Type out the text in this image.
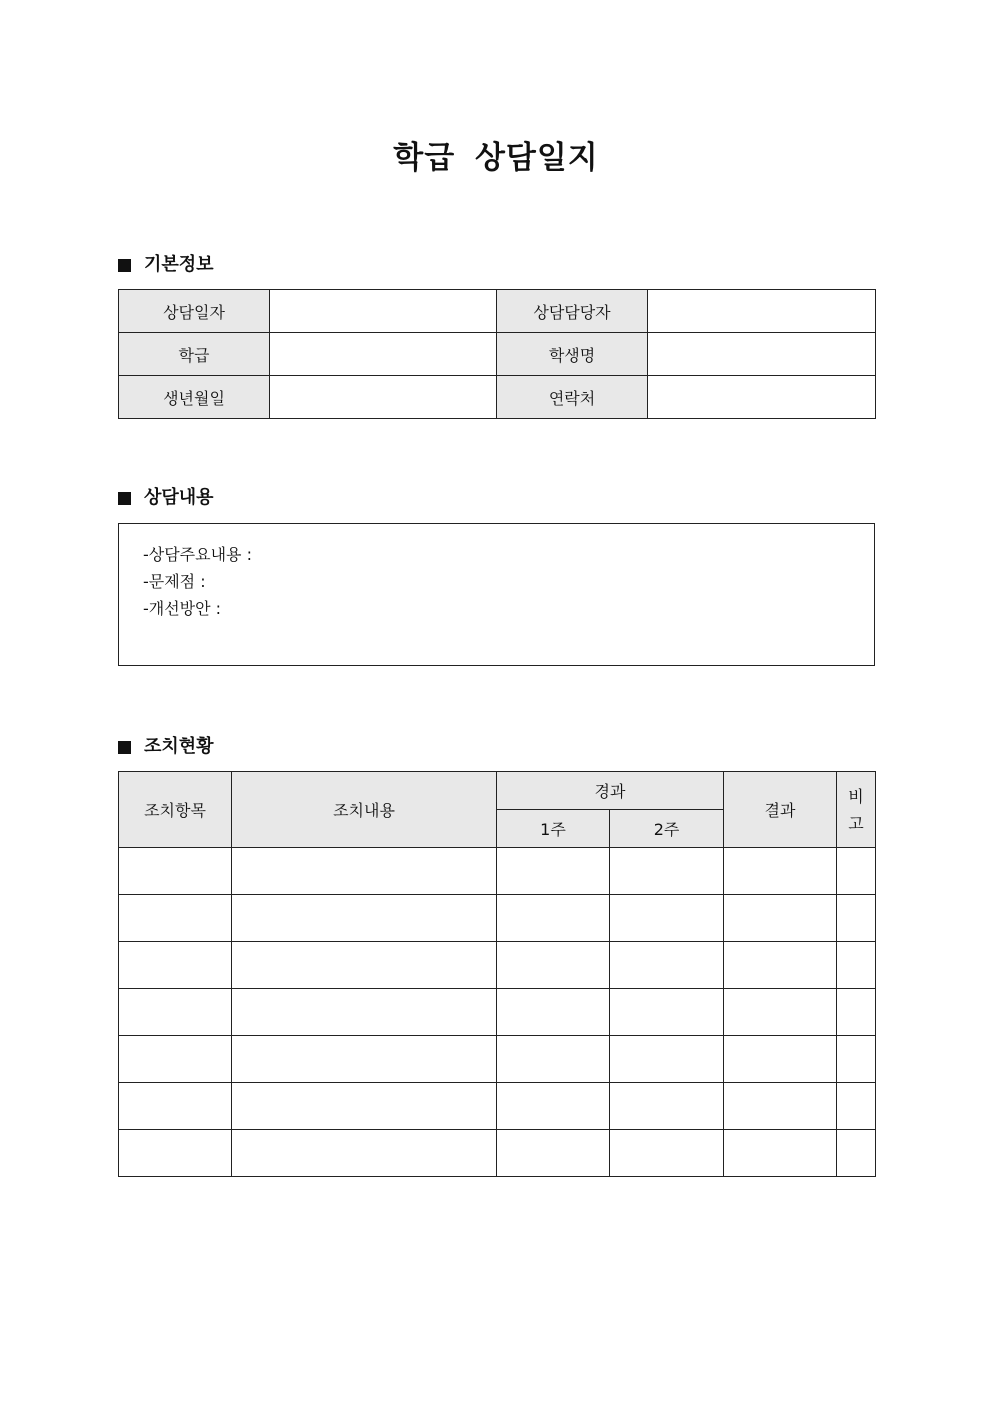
학급 상담일지
기본정보
상담일자		상담담당자	
학급		학생명	
생년월일		연락처	
상담내용
-상담주요내용 :
-문제점 :
-개선방안 :
조치현황
조치항목	조치내용	경과		결과	비
고
		1주	2주		
